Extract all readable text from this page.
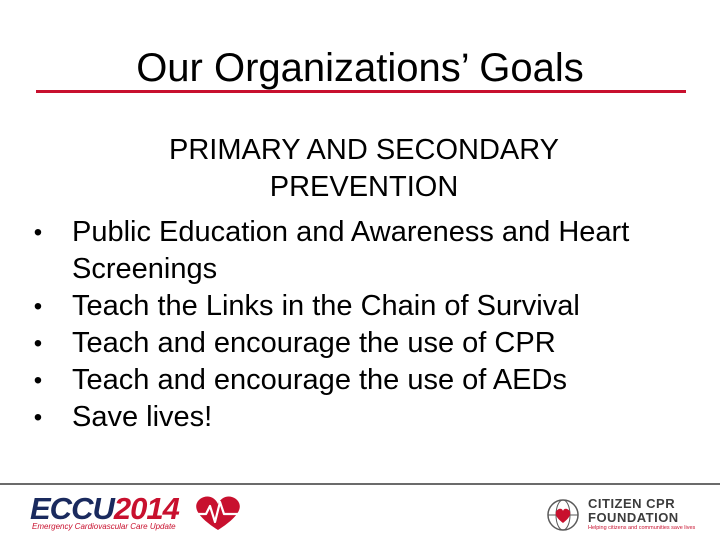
Our Organizations’ Goals
PRIMARY AND SECONDARY PREVENTION
• Public Education and Awareness and Heart Screenings
• Teach the Links in the Chain of Survival
• Teach and encourage the use of CPR
• Teach and encourage the use of AEDs
• Save lives!
ECCU2014
Emergency Cardiovascular Care Update
CITIZEN CPR
FOUNDATION
Helping citizens and communities save lives
